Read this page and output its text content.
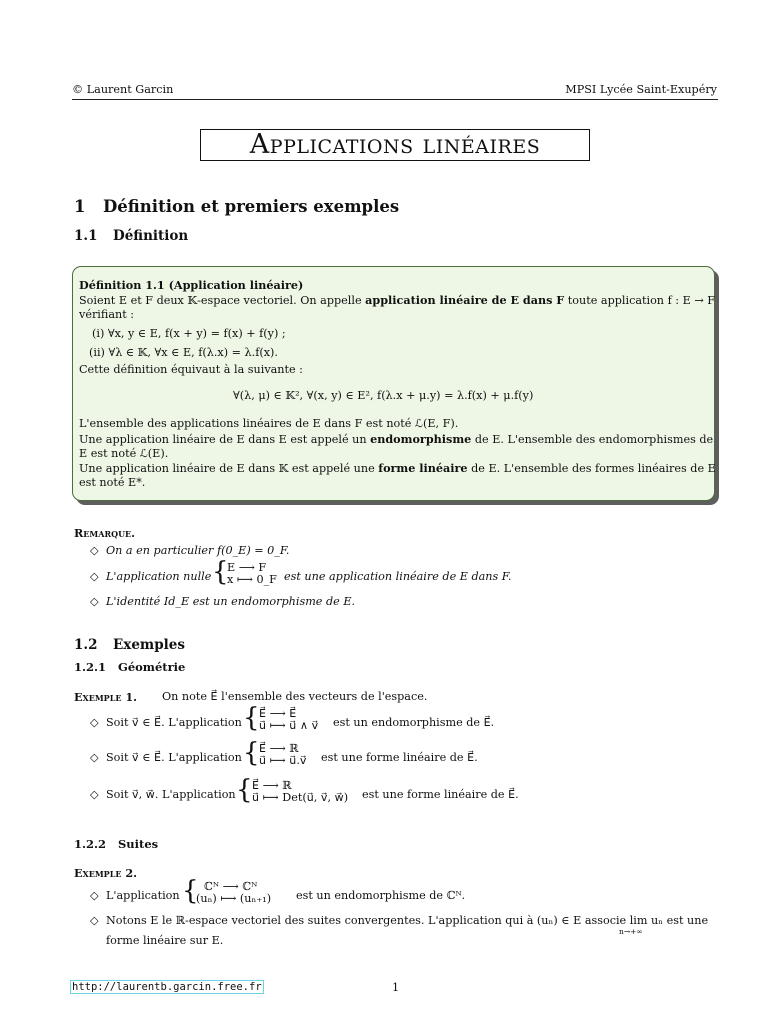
© Laurent Garcin	MPSI Lycée Saint-Exupéry
Applications linéaires
1 Définition et premiers exemples
1.1 Définition
Définition 1.1 (Application linéaire)
Soient E et F deux 𝕂-espace vectoriel. On appelle application linéaire de E dans F toute application f : E → F
vérifiant :
(i) ∀x, y ∈ E, f(x + y) = f(x) + f(y) ;
(ii) ∀λ ∈ 𝕂, ∀x ∈ E, f(λ.x) = λ.f(x).
Cette définition équivaut à la suivante :
∀(λ, μ) ∈ 𝕂², ∀(x, y) ∈ E², f(λ.x + μ.y) = λ.f(x) + μ.f(y)
L'ensemble des applications linéaires de E dans F est noté ℒ(E, F).
Une application linéaire de E dans E est appelé un endomorphisme de E. L'ensemble des endomorphismes de
E est noté ℒ(E).
Une application linéaire de E dans 𝕂 est appelé une forme linéaire de E. L'ensemble des formes linéaires de E
est noté E*.
Remarque.
◇ On a en particulier f(0_E) = 0_F.
◇ L'application nulle {
E ⟶ F
x ⟼ 0_F est une application linéaire de E dans F.
◇ L'identité Id_E est un endomorphisme de E.
1.2 Exemples
1.2.1 Géométrie
Exemple 1. On note E⃗ l'ensemble des vecteurs de l'espace.
◇ Soit v⃗ ∈ E⃗. L'application { E⃗ ⟶ E⃗
u⃗ ⟼ u⃗ ∧ v⃗ est un endomorphisme de E⃗.
◇ Soit v⃗ ∈ E⃗. L'application { E⃗ ⟶ ℝ
u⃗ ⟼ u⃗.v⃗ est une forme linéaire de E⃗.
◇ Soit v⃗, w⃗. L'application { E⃗ ⟶ ℝ
u⃗ ⟼ Det(u⃗, v⃗, w⃗) est une forme linéaire de E⃗.
1.2.2 Suites
Exemple 2.
◇ L'application { ℂᴺ ⟶ ℂᴺ
(uₙ) ⟼ (uₙ₊₁) est un endomorphisme de ℂᴺ.
◇ Notons E le ℝ-espace vectoriel des suites convergentes. L'application qui à (uₙ) ∈ E associe lim uₙ est une
n→+∞
forme linéaire sur E.
http://laurentb.garcin.free.fr	1
